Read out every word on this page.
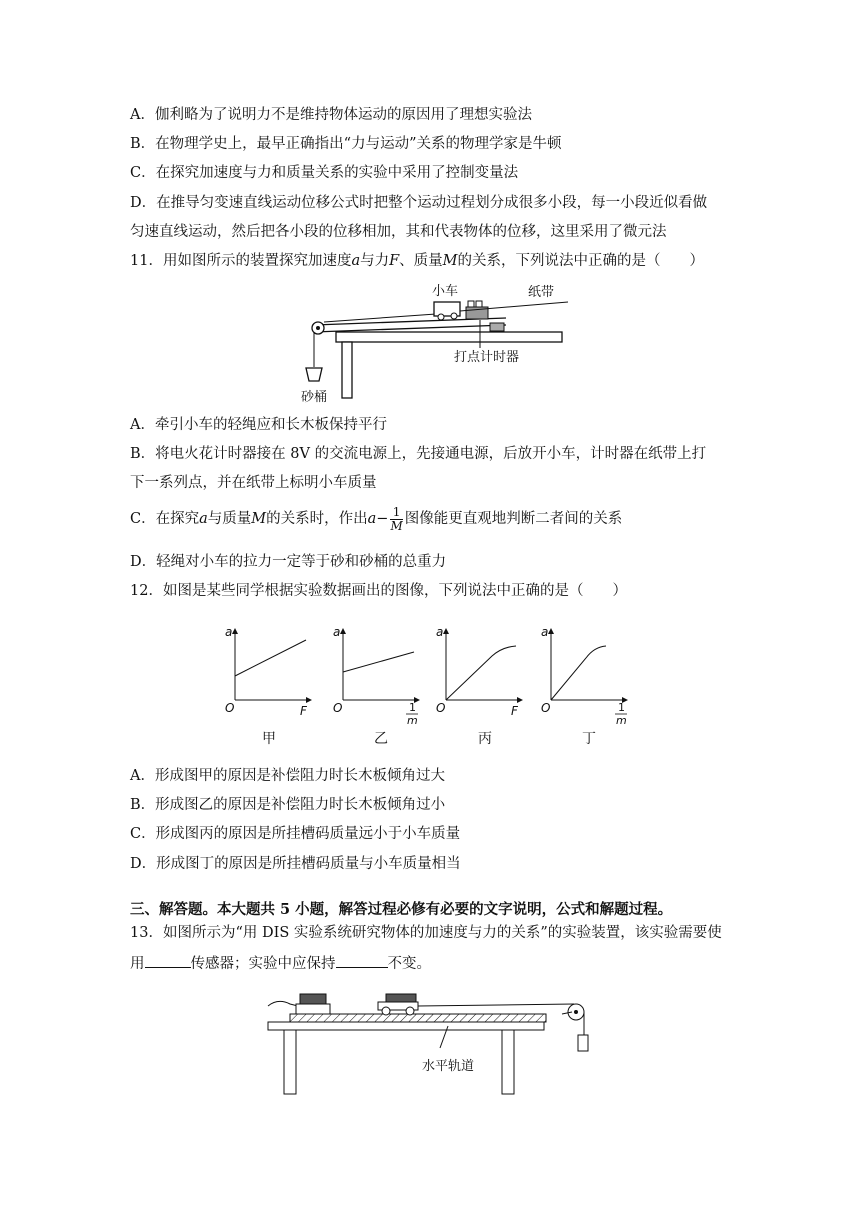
A．伽利略为了说明力不是维持物体运动的原因用了理想实验法
B．在物理学史上，最早正确指出“力与运动”关系的物理学家是牛顿
C．在探究加速度与力和质量关系的实验中采用了控制变量法
D．在推导匀变速直线运动位移公式时把整个运动过程划分成很多小段，每一小段近似看做
匀速直线运动，然后把各小段的位移相加，其和代表物体的位移，这里采用了微元法
11．用如图所示的装置探究加速度a与力F、质量M的关系，下列说法中正确的是（　　）
小车	纸带
打点计时器
砂桶
A．牵引小车的轻绳应和长木板保持平行
B．将电火花计时器接在 8V 的交流电源上，先接通电源，后放开小车，计时器在纸带上打
下一系列点，并在纸带上标明小车质量
C．在探究a与质量M的关系时，作出$a- \frac{1}{M}$ 图像能更直观地判断二者间的关系
D．轻绳对小车的拉力一定等于砂和砂桶的总重力
12．如图是某些同学根据实验数据画出的图像，下列说法中正确的是（　　）
a
O	F
a
O	1
m
a
O	F
a
O	1
m
甲	乙	丙	丁
A．形成图甲的原因是补偿阻力时长木板倾角过大
B．形成图乙的原因是补偿阻力时长木板倾角过小
C．形成图丙的原因是所挂槽码质量远小于小车质量
D．形成图丁的原因是所挂槽码质量与小车质量相当
三、解答题。本大题共 5 小题，解答过程必修有必要的文字说明，公式和解题过程。
13．如图所示为“用 DIS 实验系统研究物体的加速度与力的关系”的实验装置，该实验需要使
用	传感器；实验中应保持	不变。
水平轨道
